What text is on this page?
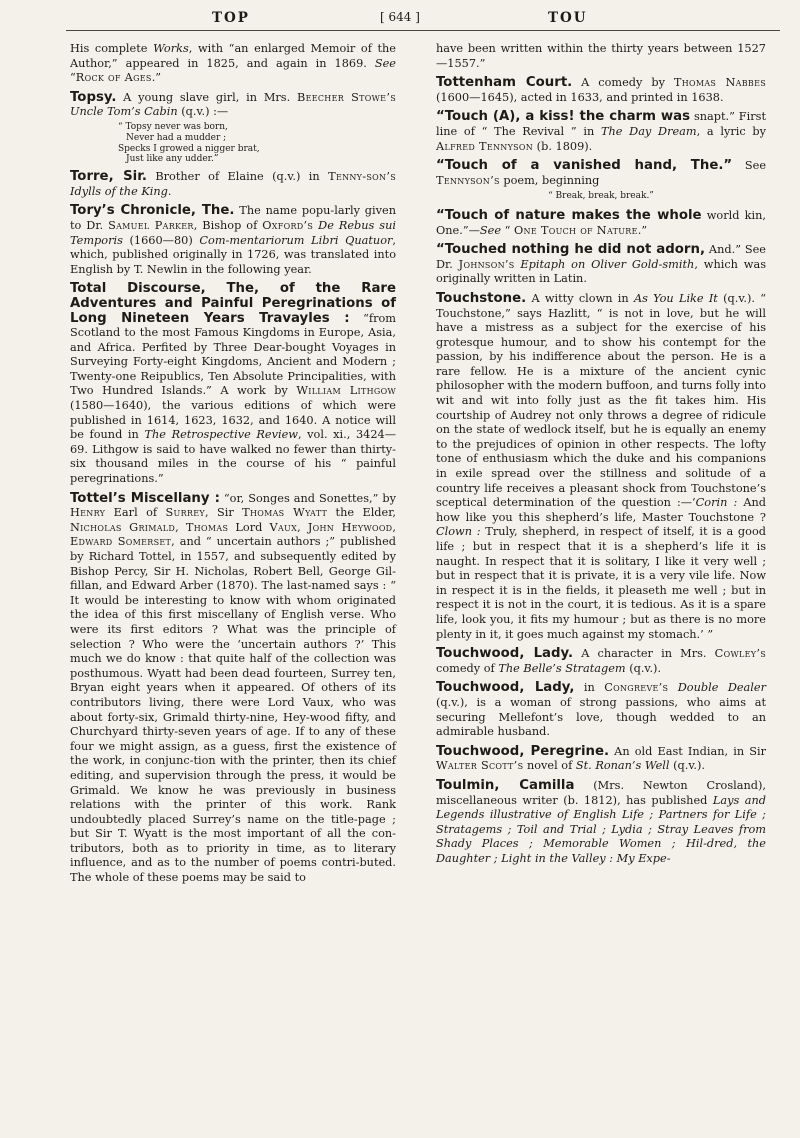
TOP	[ 644 ]	TOU

His complete Works, with “an enlarged Memoir of the Author,” appeared in 1825, and again in 1869. See “Rock of Ages.”

Topsy. A young slave girl, in Mrs. Beecher Stowe’s Uncle Tom’s Cabin (q.v.) :—

“ Topsy never was born,
Never had a mudder ;
Specks I growed a nigger brat,
Just like any udder.”

Torre, Sir. Brother of Elaine (q.v.) in Tenny-son’s Idylls of the King.

Tory’s Chronicle, The. The name popu-larly given to Dr. Samuel Parker, Bishop of Oxford’s De Rebus sui Temporis (1660—80) Com-mentariorum Libri Quatuor, which, published originally in 1726, was translated into English by T. Newlin in the following year.

Total Discourse, The, of the Rare Adventures and Painful Peregrinations of Long Nineteen Years Travayles : “from Scotland to the most Famous Kingdoms in Europe, Asia, and Africa. Perfited by Three Dear-bought Voyages in Surveying Forty-eight Kingdoms, Ancient and Modern ; Twenty-one Reipublics, Ten Absolute Principalities, with Two Hundred Islands.” A work by William Lithgow (1580—1640), the various editions of which were published in 1614, 1623, 1632, and 1640. A notice will be found in The Retrospective Review, vol. xi., 3424—69. Lithgow is said to have walked no fewer than thirty-six thousand miles in the course of his “ painful peregrinations.”

Tottel’s Miscellany : “or, Songes and Sonettes,” by Henry Earl of Surrey, Sir Thomas Wyatt the Elder, Nicholas Grimald, Thomas Lord Vaux, John Heywood, Edward Somerset, and “ uncertain authors ;” published by Richard Tottel, in 1557, and subsequently edited by Bishop Percy, Sir H. Nicholas, Robert Bell, George Gil-fillan, and Edward Arber (1870). The last-named says : “ It would be interesting to know with whom originated the idea of this first miscellany of English verse. Who were its first editors ? What was the principle of selection ? Who were the ‘uncertain authors ?’ This much we do know : that quite half of the collection was posthumous. Wyatt had been dead fourteen, Surrey ten, Bryan eight years when it appeared. Of others of its contributors living, there were Lord Vaux, who was about forty-six, Grimald thirty-nine, Hey-wood fifty, and Churchyard thirty-seven years of age. If to any of these four we might assign, as a guess, first the existence of the work, in conjunc-tion with the printer, then its chief editing, and supervision through the press, it would be Grimald. We know he was previously in business relations with the printer of this work. Rank undoubtedly placed Surrey’s name on the title-page ; but Sir T. Wyatt is the most important of all the con-tributors, both as to priority in time, as to literary influence, and as to the number of poems contri-buted. The whole of these poems may be said to

have been written within the thirty years between 1527—1557.”

Tottenham Court. A comedy by Thomas Nabbes (1600—1645), acted in 1633, and printed in 1638.

“Touch (A), a kiss! the charm was snapt.” First line of “ The Revival ” in The Day Dream, a lyric by Alfred Tennyson (b. 1809).

“Touch of a vanished hand, The.” See Tennyson’s poem, beginning

“ Break, break, break.”

“Touch of nature makes the whole world kin, One.”—See “ One Touch of Nature.”

“Touched nothing he did not adorn, And.” See Dr. Johnson’s Epitaph on Oliver Gold-smith, which was originally written in Latin.

Touchstone. A witty clown in As You Like It (q.v.). “ Touchstone,” says Hazlitt, “ is not in love, but he will have a mistress as a subject for the exercise of his grotesque humour, and to show his contempt for the passion, by his indifference about the person. He is a rare fellow. He is a mixture of the ancient cynic philosopher with the modern buffoon, and turns folly into wit and wit into folly just as the fit takes him. His courtship of Audrey not only throws a degree of ridicule on the state of wedlock itself, but he is equally an enemy to the prejudices of opinion in other respects. The lofty tone of enthusiasm which the duke and his companions in exile spread over the stillness and solitude of a country life receives a pleasant shock from Touchstone’s sceptical determination of the question :—‘Corin : And how like you this shepherd’s life, Master Touchstone ? Clown : Truly, shepherd, in respect of itself, it is a good life ; but in respect that it is a shepherd’s life it is naught. In respect that it is solitary, I like it very well ; but in respect that it is private, it is a very vile life. Now in respect it is in the fields, it pleaseth me well ; but in respect it is not in the court, it is tedious. As it is a spare life, look you, it fits my humour ; but as there is no more plenty in it, it goes much against my stomach.’ ”

Touchwood, Lady. A character in Mrs. Cowley’s comedy of The Belle’s Stratagem (q.v.).

Touchwood, Lady, in Congreve’s Double Dealer (q.v.), is a woman of strong passions, who aims at securing Mellefont’s love, though wedded to an admirable husband.

Touchwood, Peregrine. An old East Indian, in Sir Walter Scott’s novel of St. Ronan’s Well (q.v.).

Toulmin, Camilla (Mrs. Newton Crosland), miscellaneous writer (b. 1812), has published Lays and Legends illustrative of English Life ; Partners for Life ; Stratagems ; Toil and Trial ; Lydia ; Stray Leaves from Shady Places ; Memorable Women ; Hil-dred, the Daughter ; Light in the Valley : My Expe-
